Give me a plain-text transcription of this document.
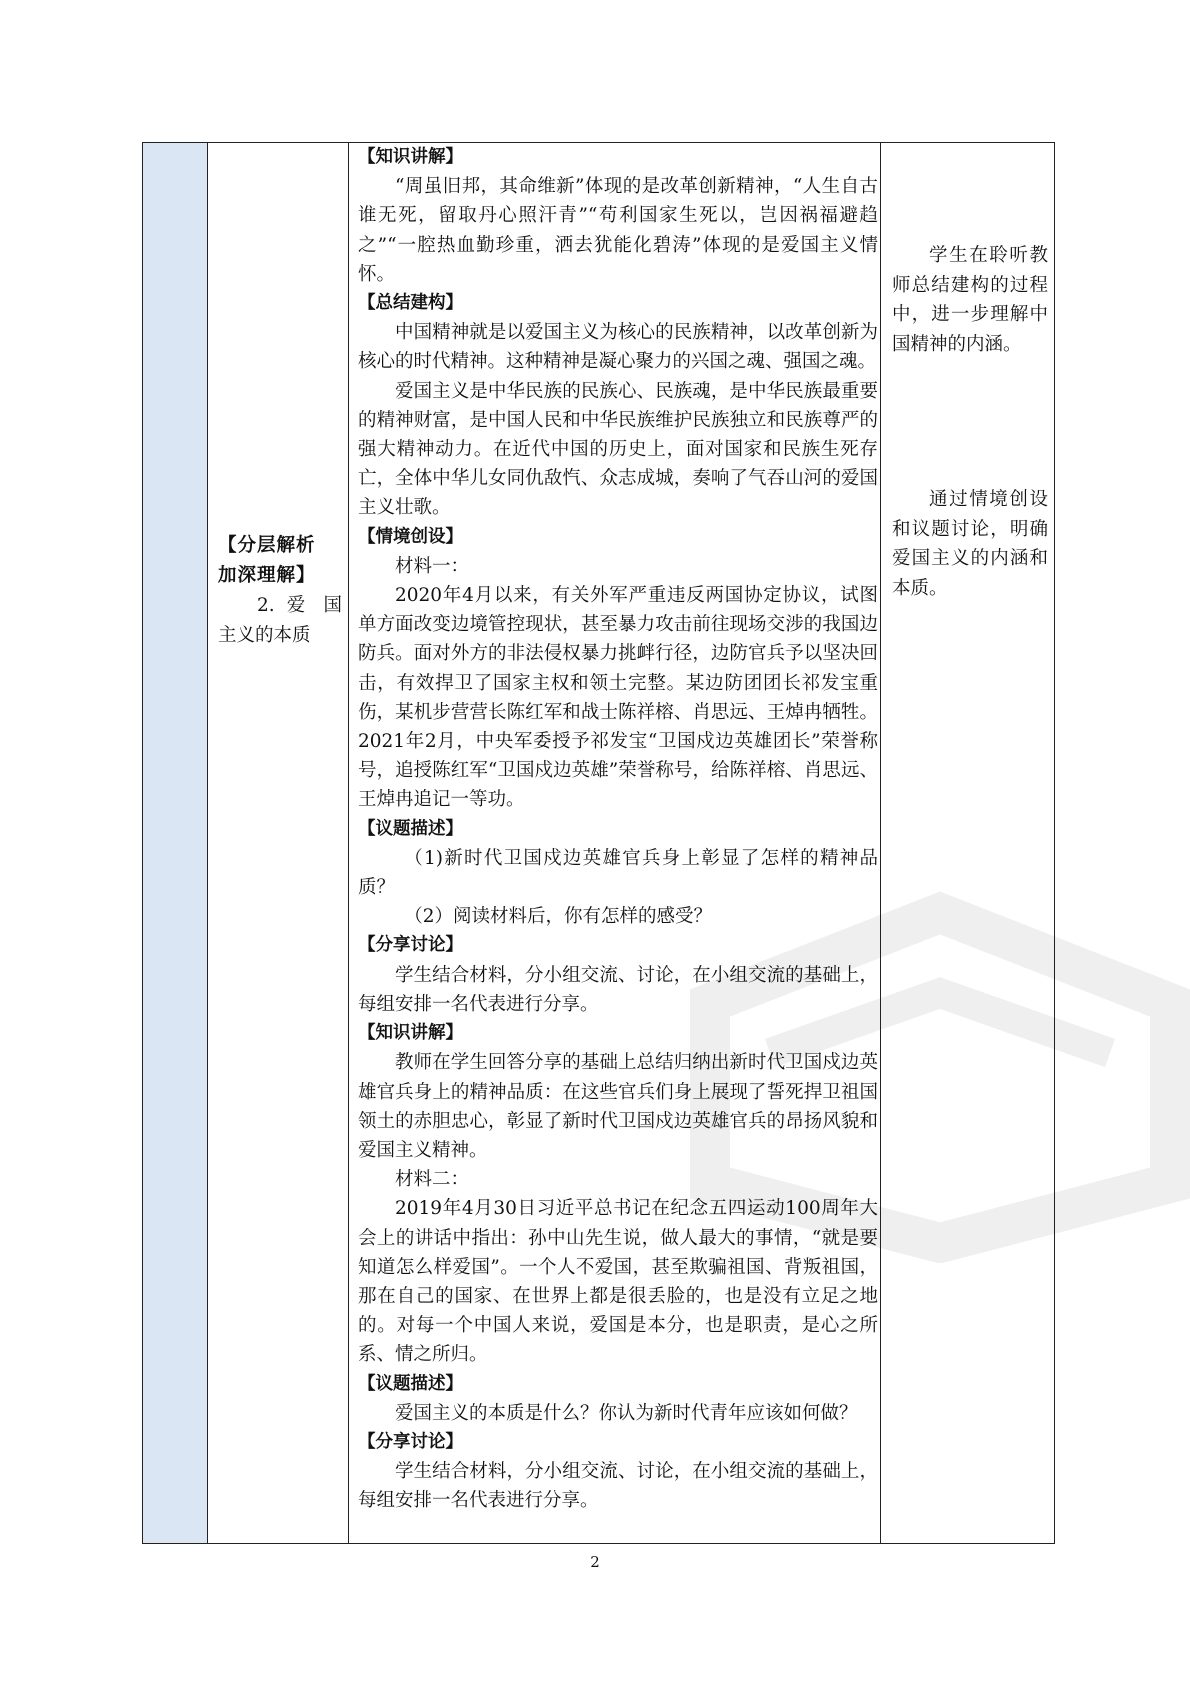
【分层解析
加深理解】
2. 爱 国 主义的本质

【知识讲解】

“周虽旧邦，其命维新”体现的是改革创新精神，“人生自古谁无死，留取丹心照汗青”“苟利国家生死以，岂因祸福避趋之”“一腔热血勤珍重，洒去犹能化碧涛”体现的是爱国主义情怀。

【总结建构】

中国精神就是以爱国主义为核心的民族精神，以改革创新为核心的时代精神。这种精神是凝心聚力的兴国之魂、强国之魂。

爱国主义是中华民族的民族心、民族魂，是中华民族最重要的精神财富，是中国人民和中华民族维护民族独立和民族尊严的强大精神动力。在近代中国的历史上，面对国家和民族生死存亡，全体中华儿女同仇敌忾、众志成城，奏响了气吞山河的爱国主义壮歌。

【情境创设】

材料一：

2020年4月以来，有关外军严重违反两国协定协议，试图单方面改变边境管控现状，甚至暴力攻击前往现场交涉的我国边防兵。面对外方的非法侵权暴力挑衅行径，边防官兵予以坚决回击，有效捍卫了国家主权和领土完整。某边防团团长祁发宝重伤，某机步营营长陈红军和战士陈祥榕、肖思远、王焯冉牺牲。2021年2月，中央军委授予祁发宝“卫国戍边英雄团长”荣誉称号，追授陈红军“卫国戍边英雄”荣誉称号，给陈祥榕、肖思远、王焯冉追记一等功。

【议题描述】

（1)新时代卫国戍边英雄官兵身上彰显了怎样的精神品质？

（2）阅读材料后，你有怎样的感受？

【分享讨论】

学生结合材料，分小组交流、讨论，在小组交流的基础上，每组安排一名代表进行分享。

【知识讲解】

教师在学生回答分享的基础上总结归纳出新时代卫国戍边英雄官兵身上的精神品质：在这些官兵们身上展现了誓死捍卫祖国领土的赤胆忠心，彰显了新时代卫国戍边英雄官兵的昂扬风貌和爱国主义精神。

材料二：

2019年4月30日习近平总书记在纪念五四运动100周年大会上的讲话中指出：孙中山先生说，做人最大的事情，“就是要知道怎么样爱国”。一个人不爱国，甚至欺骗祖国、背叛祖国，那在自己的国家、在世界上都是很丢脸的，也是没有立足之地的。对每一个中国人来说，爱国是本分，也是职责，是心之所系、情之所归。

【议题描述】

爱国主义的本质是什么？你认为新时代青年应该如何做？

【分享讨论】

学生结合材料，分小组交流、讨论，在小组交流的基础上，每组安排一名代表进行分享。

学生在聆听教师总结建构的过程中，进一步理解中国精神的内涵。
通过情境创设和议题讨论，明确爱国主义的内涵和本质。
2
